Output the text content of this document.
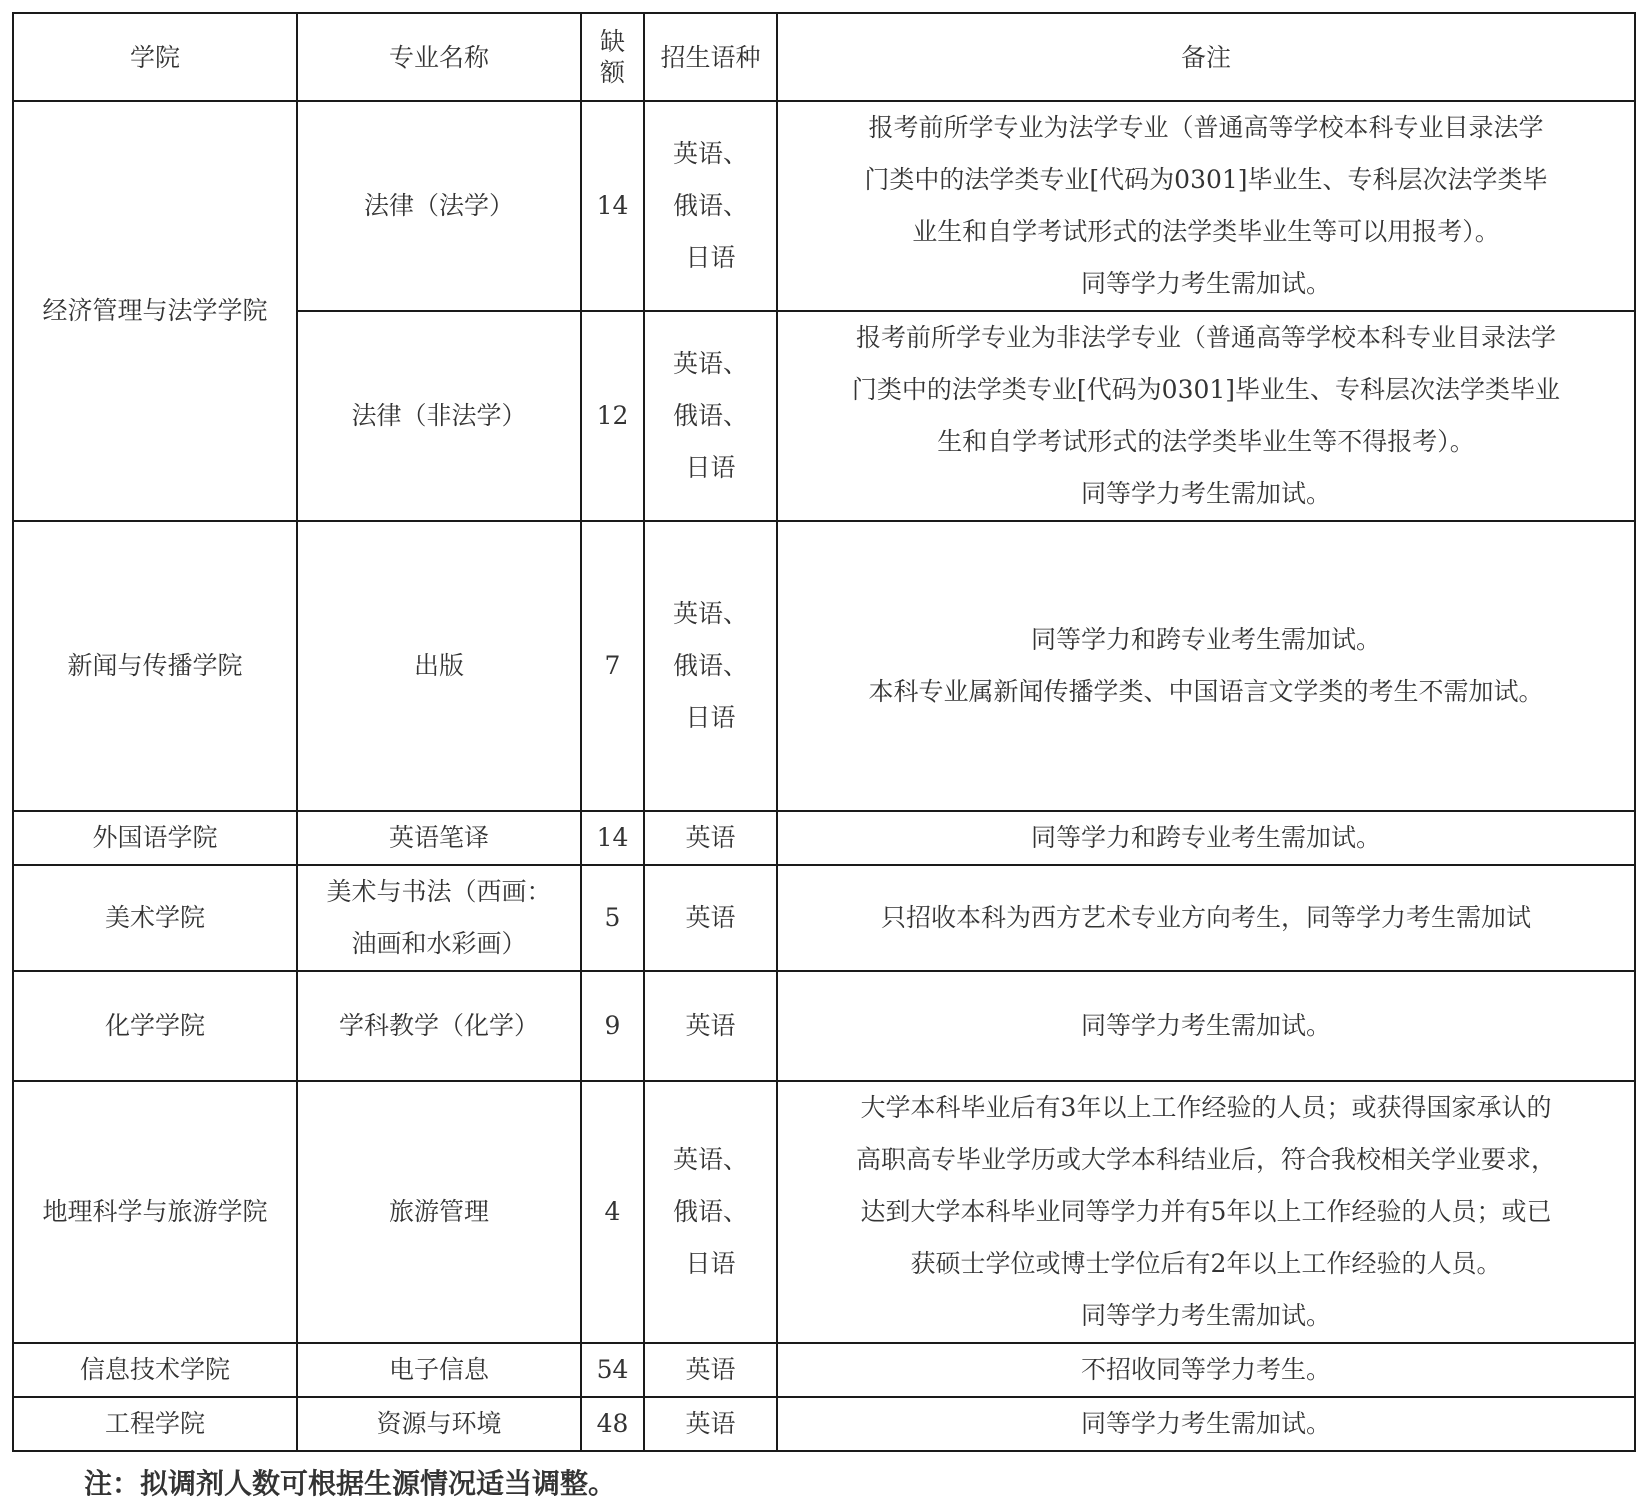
学院	专业名称	缺额	招生语种	备注
经济管理与法学学院	法律（法学）	14	英语、
俄语、
日语	报考前所学专业为法学专业（普通高等学校本科专业目录法学
门类中的法学类专业[代码为0301]毕业生、专科层次法学类毕
业生和自学考试形式的法学类毕业生等可以用报考）。
同等学力考生需加试。

	法律（非法学）	12	英语、
俄语、
日语	报考前所学专业为非法学专业（普通高等学校本科专业目录法学
门类中的法学类专业[代码为0301]毕业生、专科层次法学类毕业
生和自学考试形式的法学类毕业生等不得报考）。
同等学力考生需加试。

新闻与传播学院	出版	7	英语、
俄语、
日语	同等学力和跨专业考生需加试。
本科专业属新闻传播学类、中国语言文学类的考生不需加试。

外国语学院	英语笔译	14	英语	同等学力和跨专业考生需加试。
美术学院	美术与书法（西画：油画和水彩画）	5	英语	只招收本科为西方艺术专业方向考生，同等学力考生需加试
化学学院	学科教学（化学）	9	英语	同等学力考生需加试。
地理科学与旅游学院	旅游管理	4	英语、
俄语、
日语	大学本科毕业后有3年以上工作经验的人员；或获得国家承认的
高职高专毕业学历或大学本科结业后，符合我校相关学业要求，
达到大学本科毕业同等学力并有5年以上工作经验的人员；或已
获硕士学位或博士学位后有2年以上工作经验的人员。
同等学力考生需加试。

信息技术学院	电子信息	54	英语	不招收同等学力考生。
工程学院	资源与环境	48	英语	同等学力考生需加试。
注：拟调剂人数可根据生源情况适当调整。
